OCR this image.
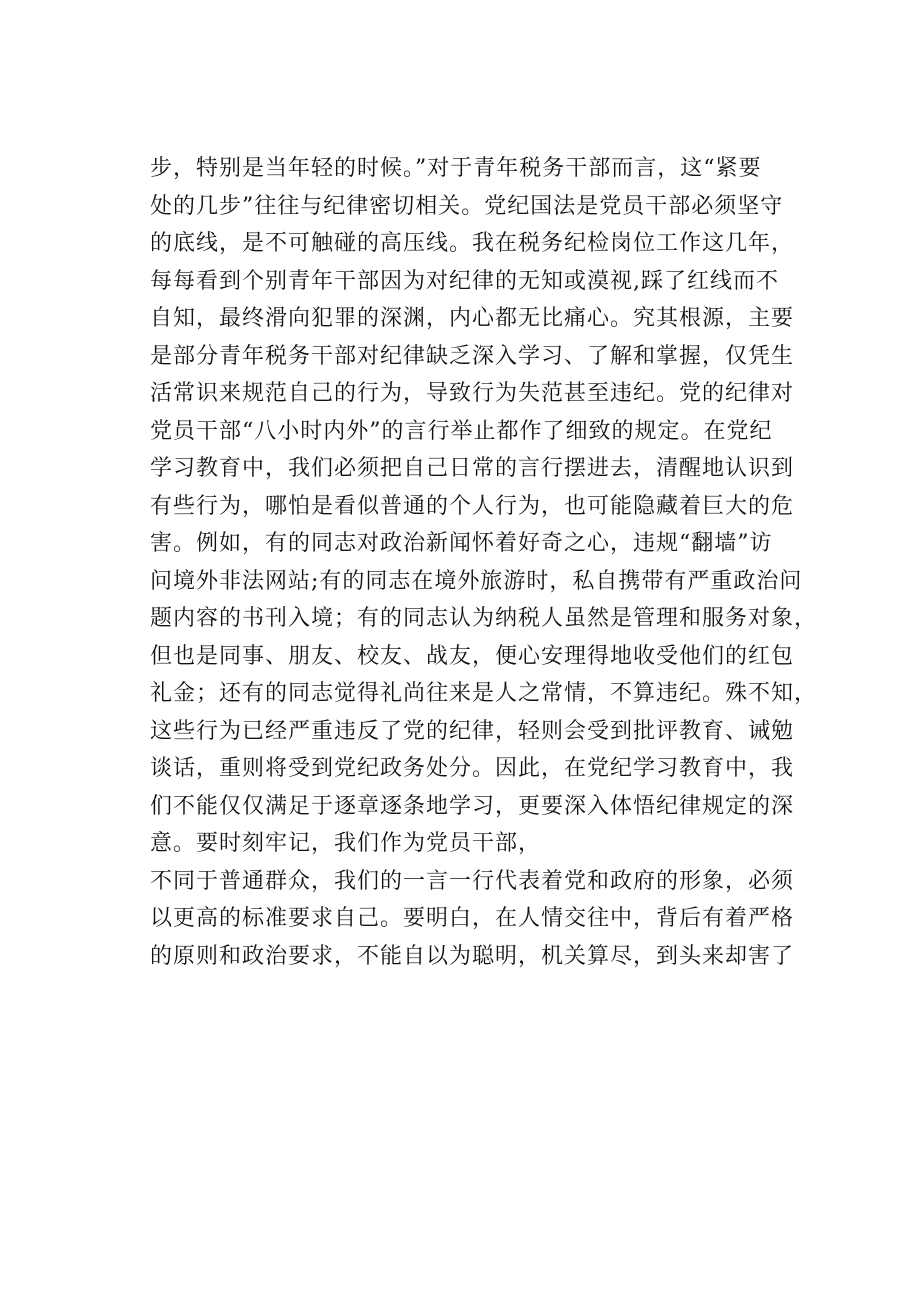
步，特别是当年轻的时候。”对于青年税务干部而言，这“紧要
处的几步”往往与纪律密切相关。党纪国法是党员干部必须坚守
的底线，是不可触碰的高压线。我在税务纪检岗位工作这几年，
每每看到个别青年干部因为对纪律的无知或漠视,踩了红线而不
自知，最终滑向犯罪的深渊，内心都无比痛心。究其根源，主要
是部分青年税务干部对纪律缺乏深入学习、了解和掌握，仅凭生
活常识来规范自己的行为，导致行为失范甚至违纪。党的纪律对
党员干部“八小时内外”的言行举止都作了细致的规定。在党纪
学习教育中，我们必须把自己日常的言行摆进去，清醒地认识到
有些行为，哪怕是看似普通的个人行为，也可能隐藏着巨大的危
害。例如，有的同志对政治新闻怀着好奇之心，违规“翻墙”访
问境外非法网站;有的同志在境外旅游时，私自携带有严重政治问
题内容的书刊入境；有的同志认为纳税人虽然是管理和服务对象，
但也是同事、朋友、校友、战友，便心安理得地收受他们的红包
礼金；还有的同志觉得礼尚往来是人之常情，不算违纪。殊不知，
这些行为已经严重违反了党的纪律，轻则会受到批评教育、诫勉
谈话，重则将受到党纪政务处分。因此，在党纪学习教育中，我
们不能仅仅满足于逐章逐条地学习，更要深入体悟纪律规定的深
意。要时刻牢记，我们作为党员干部，
不同于普通群众，我们的一言一行代表着党和政府的形象，必须
以更高的标准要求自己。要明白，在人情交往中，背后有着严格
的原则和政治要求，不能自以为聪明，机关算尽，到头来却害了
